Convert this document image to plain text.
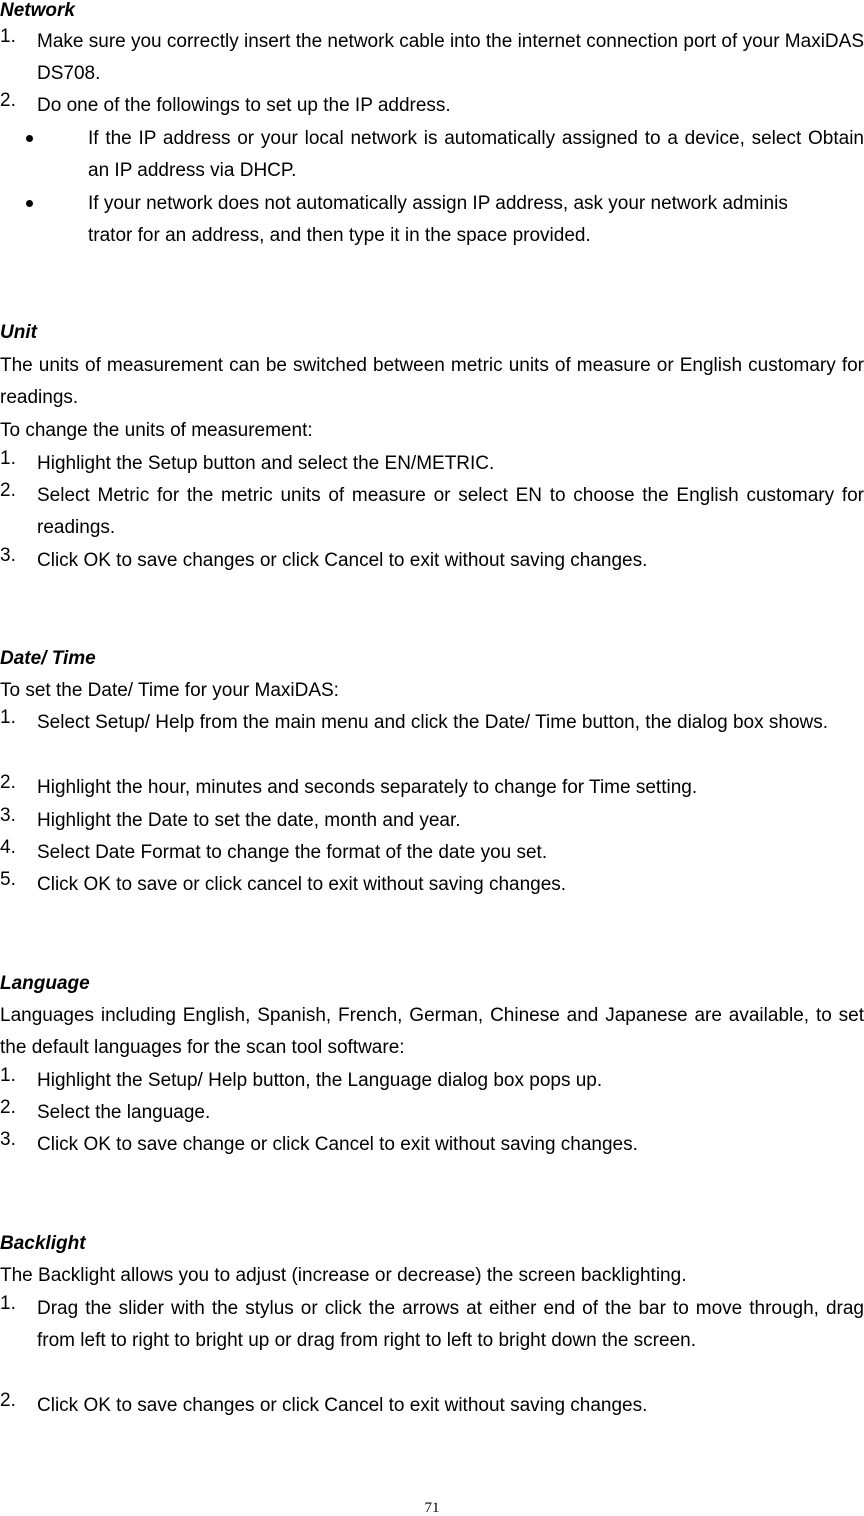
Network
1. Make sure you correctly insert the network cable into the internet connection port of your MaxiDAS DS708.
2. Do one of the followings to set up the IP address.
If the IP address or your local network is automatically assigned to a device, select Obtain an IP address via DHCP.
If your network does not automatically assign IP address, ask your network adminis trator for an address, and then type it in the space provided.
Unit

The units of measurement can be switched between metric units of measure or English customary for readings.

To change the units of measurement:

1. Highlight the Setup button and select the EN/METRIC.
2. Select Metric for the metric units of measure or select EN to choose the English customary for readings.
3. Click OK to save changes or click Cancel to exit without saving changes.
Date/ Time

To set the Date/ Time for your MaxiDAS:

1. Select Setup/ Help from the main menu and click the Date/ Time button, the dialog box shows.
2. Highlight the hour, minutes and seconds separately to change for Time setting.
3. Highlight the Date to set the date, month and year.
4. Select Date Format to change the format of the date you set.
5. Click OK to save or click cancel to exit without saving changes.
Language

Languages including English, Spanish, French, German, Chinese and Japanese are available, to set the default languages for the scan tool software:

1. Highlight the Setup/ Help button, the Language dialog box pops up.
2. Select the language.
3. Click OK to save change or click Cancel to exit without saving changes.
Backlight

The Backlight allows you to adjust (increase or decrease) the screen backlighting.

1. Drag the slider with the stylus or click the arrows at either end of the bar to move through, drag from left to right to bright up or drag from right to left to bright down the screen.
2. Click OK to save changes or click Cancel to exit without saving changes.
71
